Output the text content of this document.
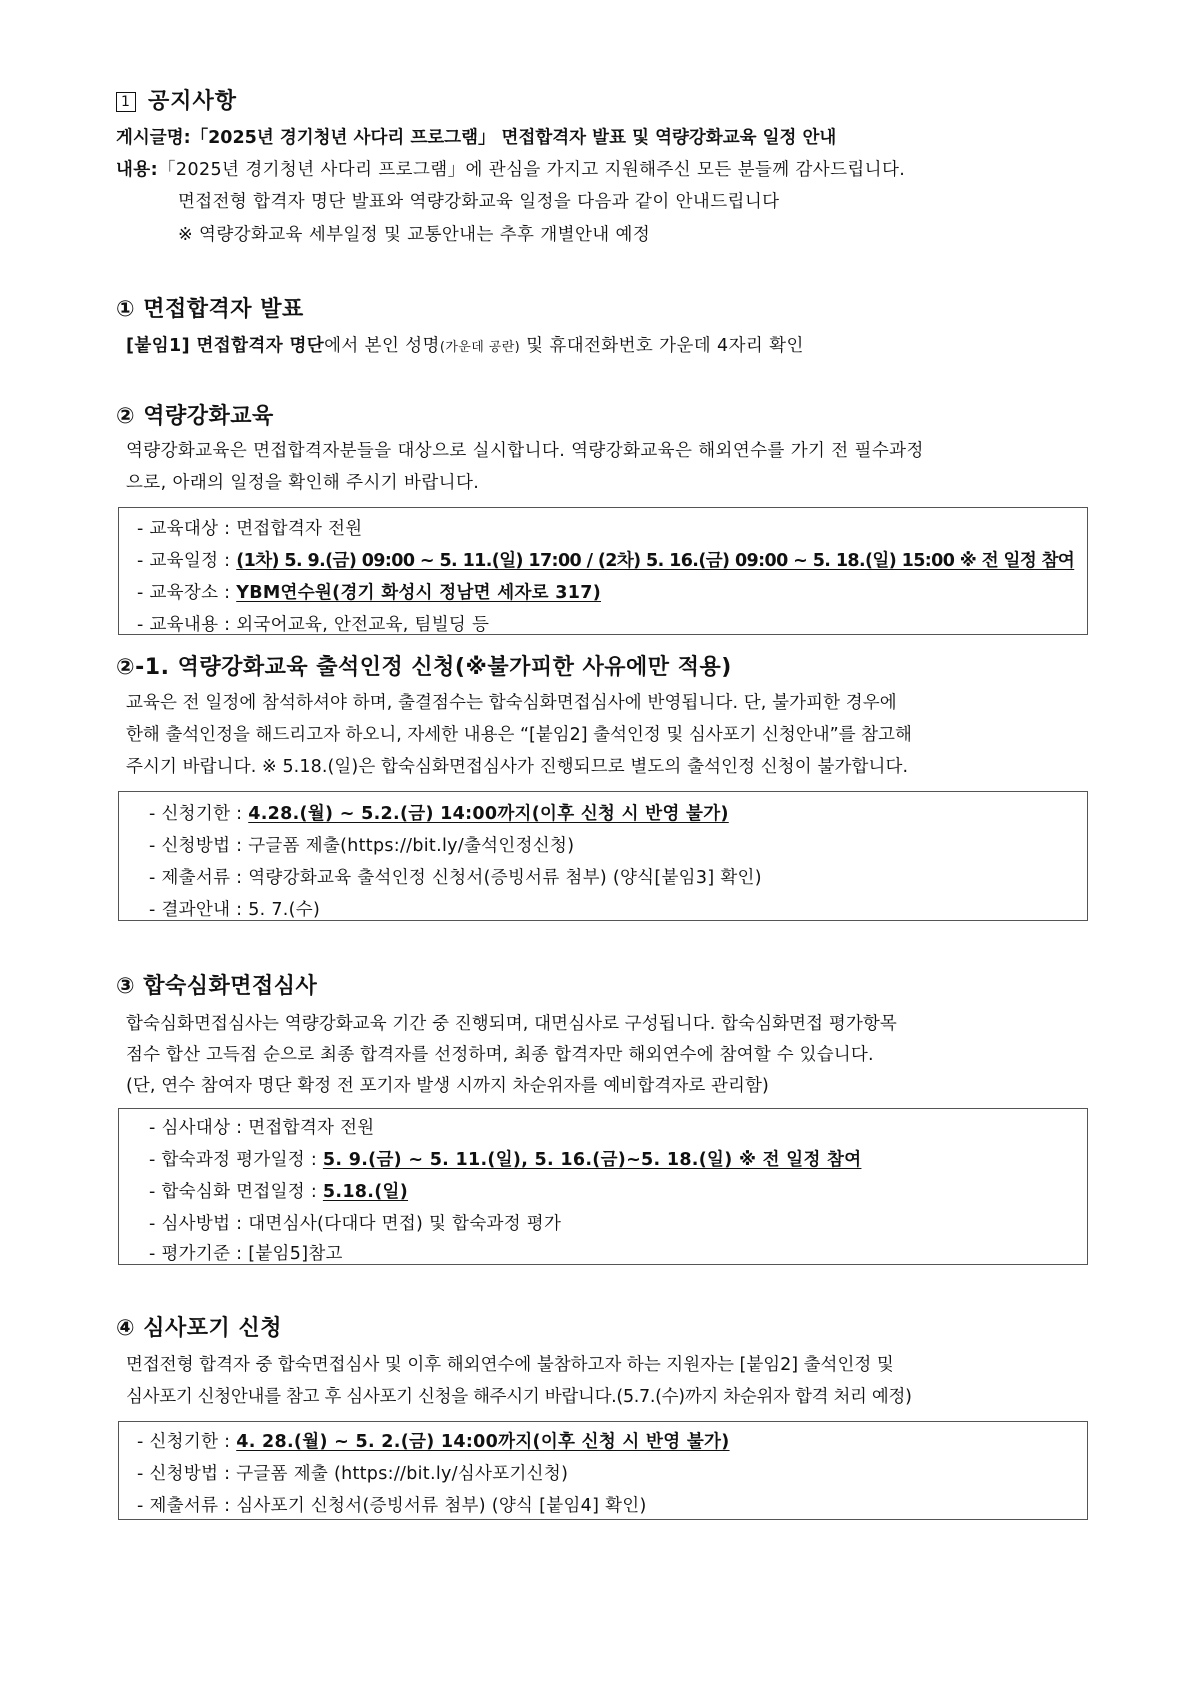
1 공지사항
게시글명:「2025년 경기청년 사다리 프로그램」 면접합격자 발표 및 역량강화교육 일정 안내
내용:「2025년 경기청년 사다리 프로그램」에 관심을 가지고 지원해주신 모든 분들께 감사드립니다.
면접전형 합격자 명단 발표와 역량강화교육 일정을 다음과 같이 안내드립니다
※ 역량강화교육 세부일정 및 교통안내는 추후 개별안내 예정
① 면접합격자 발표
[붙임1] 면접합격자 명단에서 본인 성명(가운데 공란) 및 휴대전화번호 가운데 4자리 확인
② 역량강화교육
역량강화교육은 면접합격자분들을 대상으로 실시합니다. 역량강화교육은 해외연수를 가기 전 필수과정
으로, 아래의 일정을 확인해 주시기 바랍니다.
- 교육대상 : 면접합격자 전원
- 교육일정 : (1차) 5. 9.(금) 09:00 ~ 5. 11.(일) 17:00 / (2차) 5. 16.(금) 09:00 ~ 5. 18.(일) 15:00 ※ 전 일정 참여
- 교육장소 : YBM연수원(경기 화성시 정남면 세자로 317)
- 교육내용 : 외국어교육, 안전교육, 팀빌딩 등
②-1. 역량강화교육 출석인정 신청(※불가피한 사유에만 적용)
교육은 전 일정에 참석하셔야 하며, 출결점수는 합숙심화면접심사에 반영됩니다. 단, 불가피한 경우에
한해 출석인정을 해드리고자 하오니, 자세한 내용은 “[붙임2] 출석인정 및 심사포기 신청안내”를 참고해
주시기 바랍니다. ※ 5.18.(일)은 합숙심화면접심사가 진행되므로 별도의 출석인정 신청이 불가합니다.
- 신청기한 : 4.28.(월) ~ 5.2.(금) 14:00까지(이후 신청 시 반영 불가)
- 신청방법 : 구글폼 제출(https://bit.ly/출석인정신청)
- 제출서류 : 역량강화교육 출석인정 신청서(증빙서류 첨부) (양식[붙임3] 확인)
- 결과안내 : 5. 7.(수)
③ 합숙심화면접심사
합숙심화면접심사는 역량강화교육 기간 중 진행되며, 대면심사로 구성됩니다. 합숙심화면접 평가항목
점수 합산 고득점 순으로 최종 합격자를 선정하며, 최종 합격자만 해외연수에 참여할 수 있습니다.
(단, 연수 참여자 명단 확정 전 포기자 발생 시까지 차순위자를 예비합격자로 관리함)
- 심사대상 : 면접합격자 전원
- 합숙과정 평가일정 : 5. 9.(금) ~ 5. 11.(일), 5. 16.(금)~5. 18.(일) ※ 전 일정 참여
- 합숙심화 면접일정 : 5.18.(일)
- 심사방법 : 대면심사(다대다 면접) 및 합숙과정 평가
- 평가기준 : [붙임5]참고
④ 심사포기 신청
면접전형 합격자 중 합숙면접심사 및 이후 해외연수에 불참하고자 하는 지원자는 [붙임2] 출석인정 및
심사포기 신청안내를 참고 후 심사포기 신청을 해주시기 바랍니다.(5.7.(수)까지 차순위자 합격 처리 예정)
- 신청기한 : 4. 28.(월) ~ 5. 2.(금) 14:00까지(이후 신청 시 반영 불가)
- 신청방법 : 구글폼 제출 (https://bit.ly/심사포기신청)
- 제출서류 : 심사포기 신청서(증빙서류 첨부) (양식 [붙임4] 확인)
